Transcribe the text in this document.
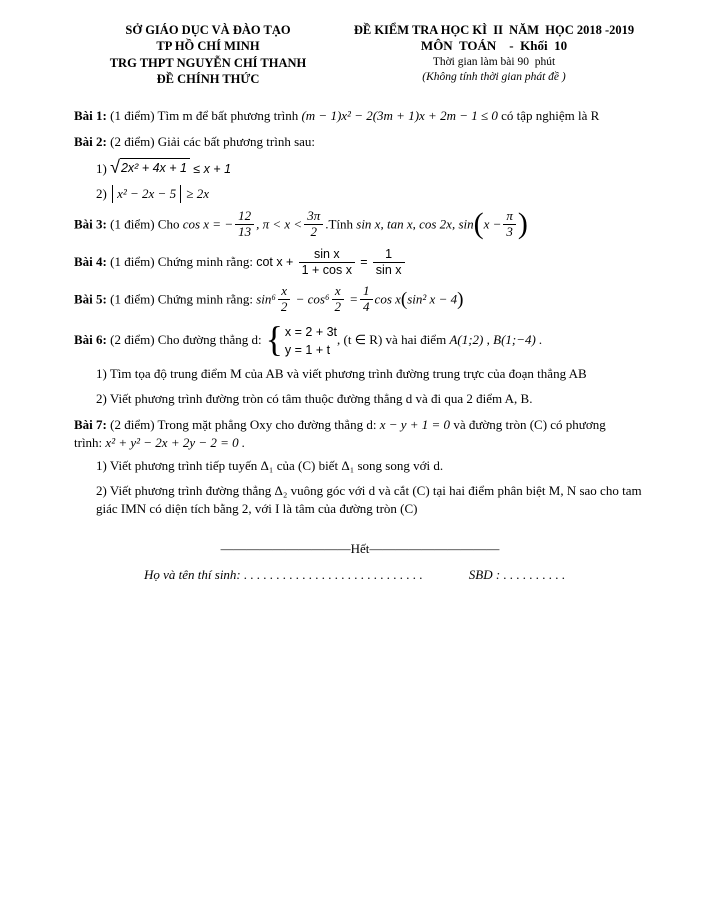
SỞ GIÁO DỤC VÀ ĐÀO TẠO
TP HỒ CHÍ MINH
TRG THPT NGUYỄN CHÍ THANH
ĐỀ CHÍNH THỨC
ĐỀ KIỂM TRA HỌC KÌ  II  NĂM  HỌC 2018 -2019
MÔN  TOÁN    -  Khối  10
Thời gian làm bài 90  phút
(Không tính thời gian phát đề )

Bài 1: (1 điểm) Tìm m để bất phương trình (m − 1)x² − 2(3m + 1)x + 2m − 1 ≤ 0 có tập nghiệm là R

Bài 2: (2 điểm) Giải các bất phương trình sau:

1) √ 2x² + 4x + 1 ≤ x + 1

2) x² − 2x − 5 ≥ 2x

Bài 3: (1 điểm) Cho cos x = − $\frac{12}{13}$ , $\pi < x < \frac{3\pi}{2}$ .Tính sin x, tan x, cos 2x, $\sin(x - \frac{\pi}{3}$ )

Bài 4: (1 điểm) Chứng minh rằng: $\cot x + \frac{\text{sin x}}{\text{1 + cos x}} = \frac{1}{\text{sin x}}$

Bài 5: (1 điểm) Chứng minh rằng: $\sin^6 \frac{x}{2} - \cos^6 \frac{x}{2} = \frac{1}{4}$ cos x(sin² x − 4)

Bài 6: (2 điểm) Cho đường thẳng d: { x = 2 + 3t
y = 1 + t
, (t ∈ R) và hai điểm A(1;2) , B(1;−4) .

1) Tìm tọa độ trung điểm M của AB và viết phương trình đường trung trực của đoạn thẳng AB

2) Viết phương trình đường tròn có tâm thuộc đường thẳng d và đi qua 2 điểm A, B.

Bài 7: (2 điểm) Trong mặt phẳng Oxy cho đường thẳng d: x − y + 1 = 0 và đường tròn (C) có phương

trình: x² + y² − 2x + 2y − 2 = 0 .

1) Viết phương trình tiếp tuyến Δ₁ của (C) biết Δ₁ song song với d.

2) Viết phương trình đường thẳng Δ₂ vuông góc với d và cắt (C) tại hai điểm phân biệt M, N sao cho tam giác IMN có diện tích bằng 2, với I là tâm của đường tròn (C)

——————————Hết——————————
Họ và tên thí sinh: . . . . . . . . . . . . . . . . . . . . . . . . . . . .	SBD : . . . . . . . . . .
